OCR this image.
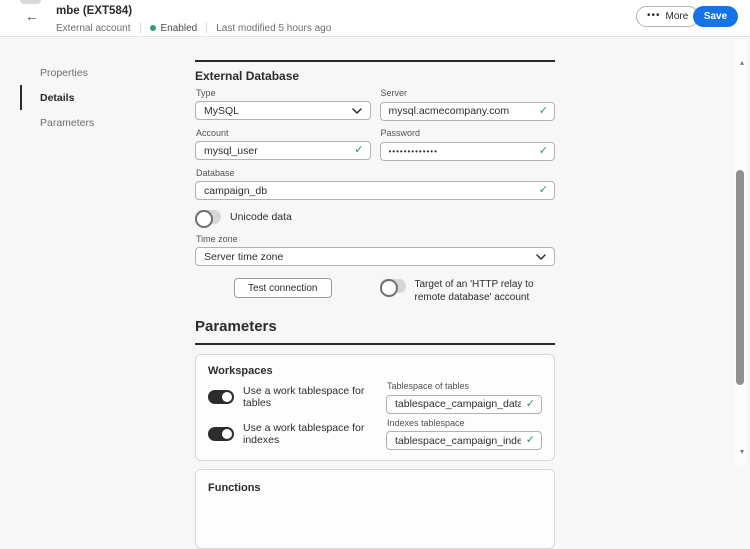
← mbe (EXT584)
External account	Enabled Last modified 5 hours ago
••• More	Save
Properties
Details
Parameters
External Database
Type
MySQL
Server
mysql.acmecompany.com
✓
Account
mysql_user
✓
Password
•••••••••••••
✓
Database
campaign_db
✓
Unicode data
Time zone
Server time zone
Test connection	Target of an 'HTTP relay to remote database' account
Parameters
Workspaces
Use a work tablespace for tables
Tablespace of tables
tablespace_campaign_data
✓
Use a work tablespace for indexes
Indexes tablespace
tablespace_campaign_indexes
✓
Functions
▴
▾
